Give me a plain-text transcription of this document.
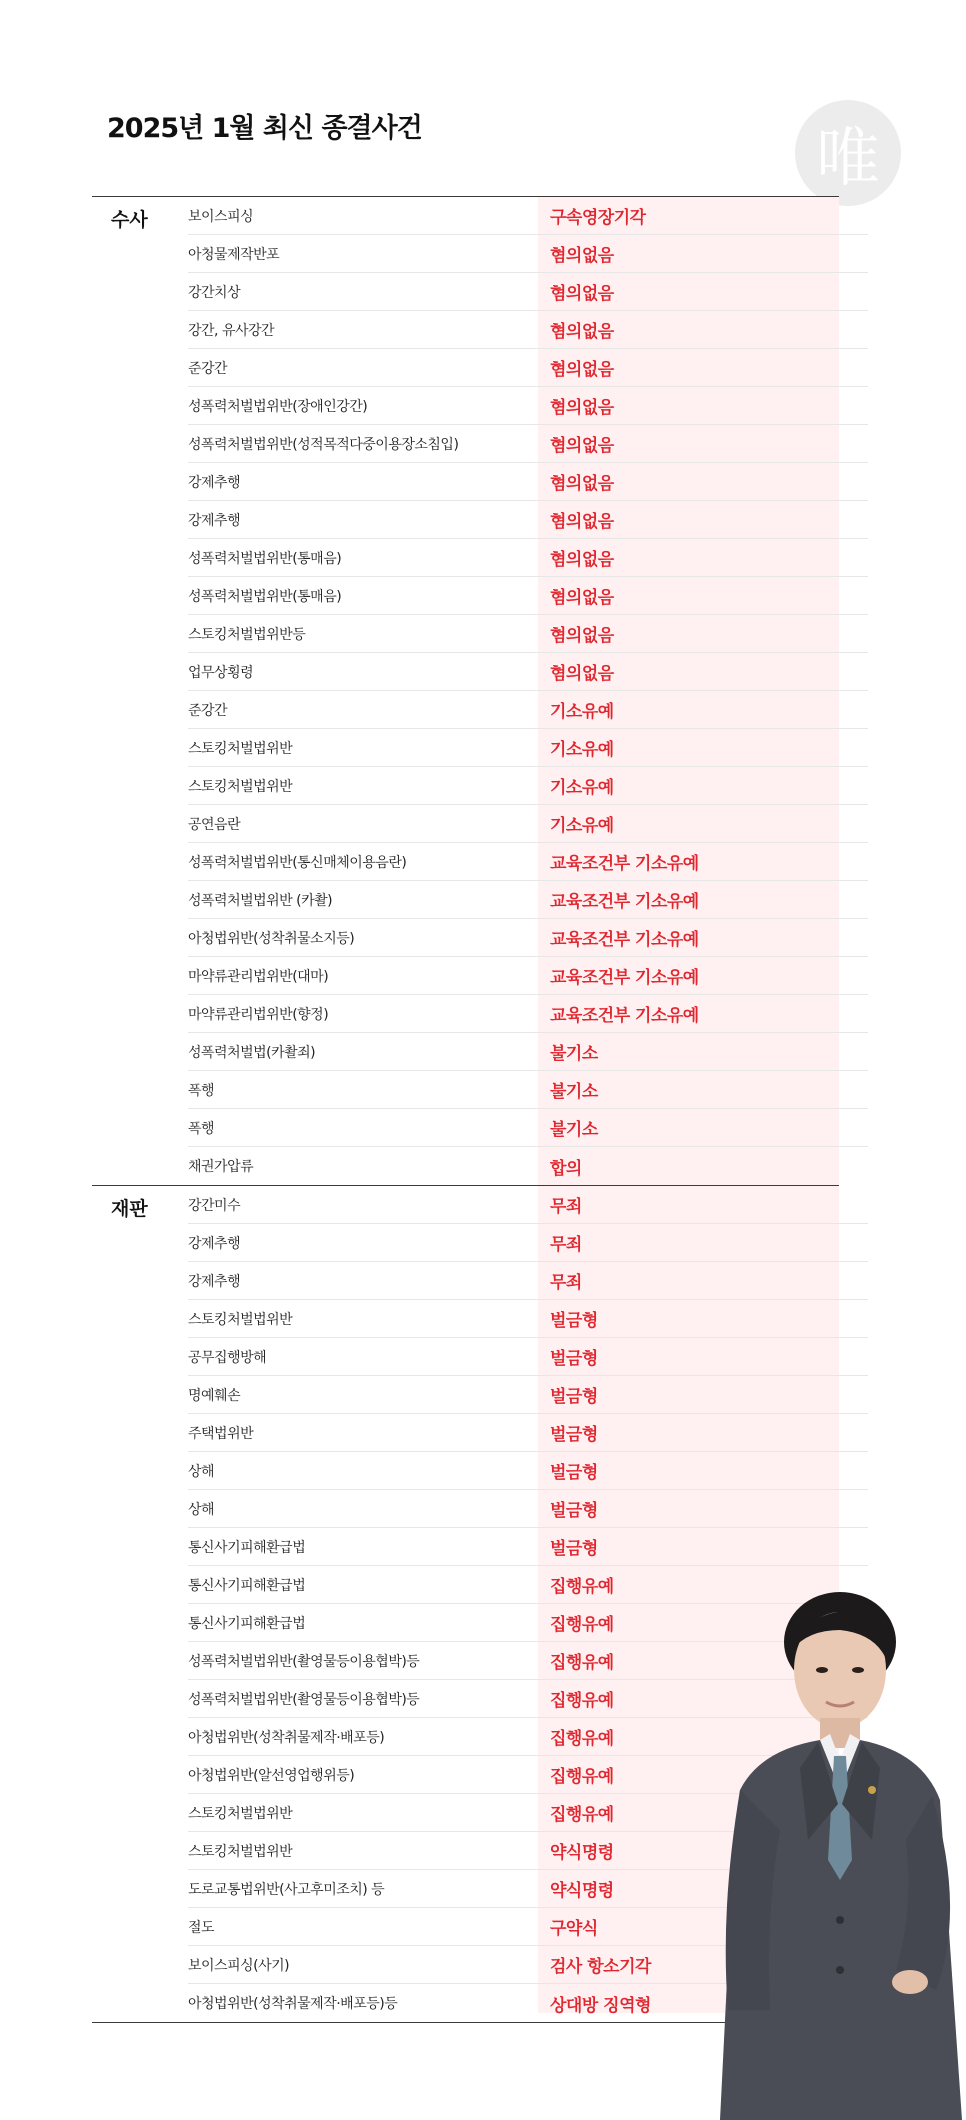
2025년 1월 최신 종결사건	唯
수사	보이스피싱	구속영장기각
아청물제작반포	혐의없음
강간치상	혐의없음
강간, 유사강간	혐의없음
준강간	혐의없음
성폭력처벌법위반(장애인강간)	혐의없음
성폭력처벌법위반(성적목적다중이용장소침입)	혐의없음
강제추행	혐의없음
강제추행	혐의없음
성폭력처벌법위반(통매음)	혐의없음
성폭력처벌법위반(통매음)	혐의없음
스토킹처벌법위반등	혐의없음
업무상횡령	혐의없음
준강간	기소유예
스토킹처벌법위반	기소유예
스토킹처벌법위반	기소유예
공연음란	기소유예
성폭력처벌법위반(통신매체이용음란)	교육조건부 기소유예
성폭력처벌법위반 (카촬)	교육조건부 기소유예
아청법위반(성착취물소지등)	교육조건부 기소유예
마약류관리법위반(대마)	교육조건부 기소유예
마약류관리법위반(향정)	교육조건부 기소유예
성폭력처벌법(카촬죄)	불기소
폭행	불기소
폭행	불기소
채권가압류	합의
재판	강간미수	무죄
강제추행	무죄
강제추행	무죄
스토킹처벌법위반	벌금형
공무집행방해	벌금형
명예훼손	벌금형
주택법위반	벌금형
상해	벌금형
상해	벌금형
통신사기피해환급법	벌금형
통신사기피해환급법	집행유예
통신사기피해환급법	집행유예
성폭력처벌법위반(촬영물등이용협박)등	집행유예
성폭력처벌법위반(촬영물등이용협박)등	집행유예
아청법위반(성착취물제작·배포등)	집행유예
아청법위반(알선영업행위등)	집행유예
스토킹처벌법위반	집행유예
스토킹처벌법위반	약식명령
도로교통법위반(사고후미조치) 등	약식명령
절도	구약식
보이스피싱(사기)	검사 항소기각
아청법위반(성착취물제작·배포등)등	상대방 징역형
